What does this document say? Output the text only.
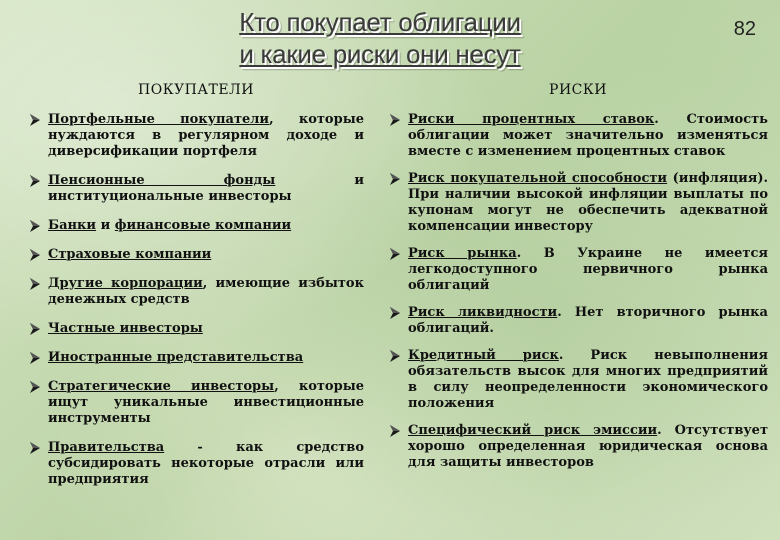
Кто покупает облигации
и какие риски они несут
82
ПОКУПАТЕЛИ
Портфельные покупатели, которые нуждаются в регулярном доходе и диверсификации портфеля
Пенсионные фонды и институциональные инвесторы
Банки и финансовые компании
Страховые компании
Другие корпорации, имеющие избыток денежных средств
Частные инвесторы
Иностранные представительства
Стратегические инвесторы, которые ищут уникальные инвестиционные инструменты
Правительства - как средство субсидировать некоторые отрасли или предприятия
РИСКИ
Риски процентных ставок. Стоимость облигации может значительно изменяться вместе с изменением процентных ставок
Риск покупательной способности (инфляция). При наличии высокой инфляции выплаты по купонам могут не обеспечить адекватной компенсации инвестору
Риск рынка. В Украине не имеется легкодоступного первичного рынка облигаций
Риск ликвидности. Нет вторичного рынка облигаций.
Кредитный риск. Риск невыполнения обязательств высок для многих предприятий в силу неопределенности экономического положения
Специфический риск эмиссии. Отсутствует хорошо определенная юридическая основа для защиты инвесторов
